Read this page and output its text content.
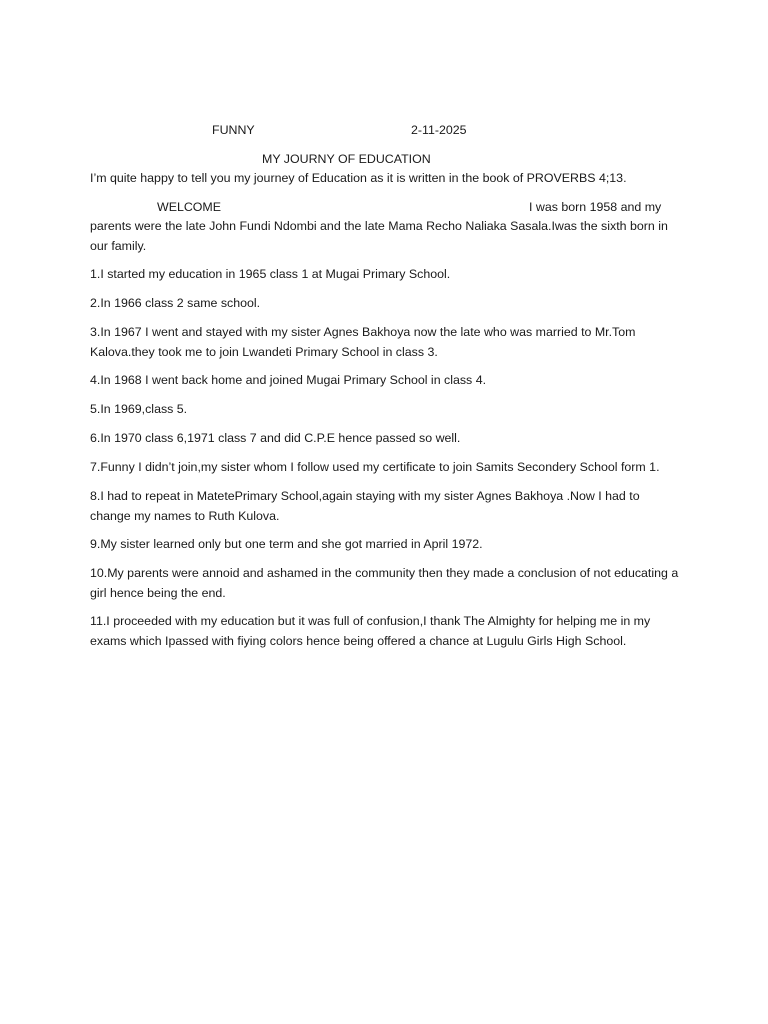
FUNNY	2-11-2025
MY JOURNY OF EDUCATION
I’m quite happy to tell you my journey of Education as it is written in the book of PROVERBS 4;13.
WELCOME	I was born 1958 and my
parents were the late John Fundi Ndombi and the late Mama Recho Naliaka Sasala.Iwas the sixth born in our family.
1.I started my education in 1965 class 1 at Mugai Primary School.
2.In 1966 class 2 same school.
3.In 1967 I went and stayed with my sister Agnes Bakhoya now the late who was married to Mr.Tom Kalova.they took me to join Lwandeti Primary School in class 3.
4.In 1968 I went back home and joined Mugai Primary School in class 4.
5.In 1969,class 5.
6.In 1970 class 6,1971 class 7 and did C.P.E hence passed so well.
7.Funny I didn’t join,my sister whom I follow used my certificate to join Samits Secondery School form 1.
8.I had to repeat in MatetePrimary School,again staying with my sister Agnes Bakhoya .Now I had to change my names to Ruth Kulova.
9.My sister learned only but one term and she got married in April 1972.
10.My parents were annoid and ashamed in the community then they made a conclusion of not educating a girl hence being the end.
11.I proceeded with my education but it was full of confusion,I thank The Almighty for helping me in my exams which Ipassed with fiying colors hence being offered a chance at Lugulu Girls High School.
